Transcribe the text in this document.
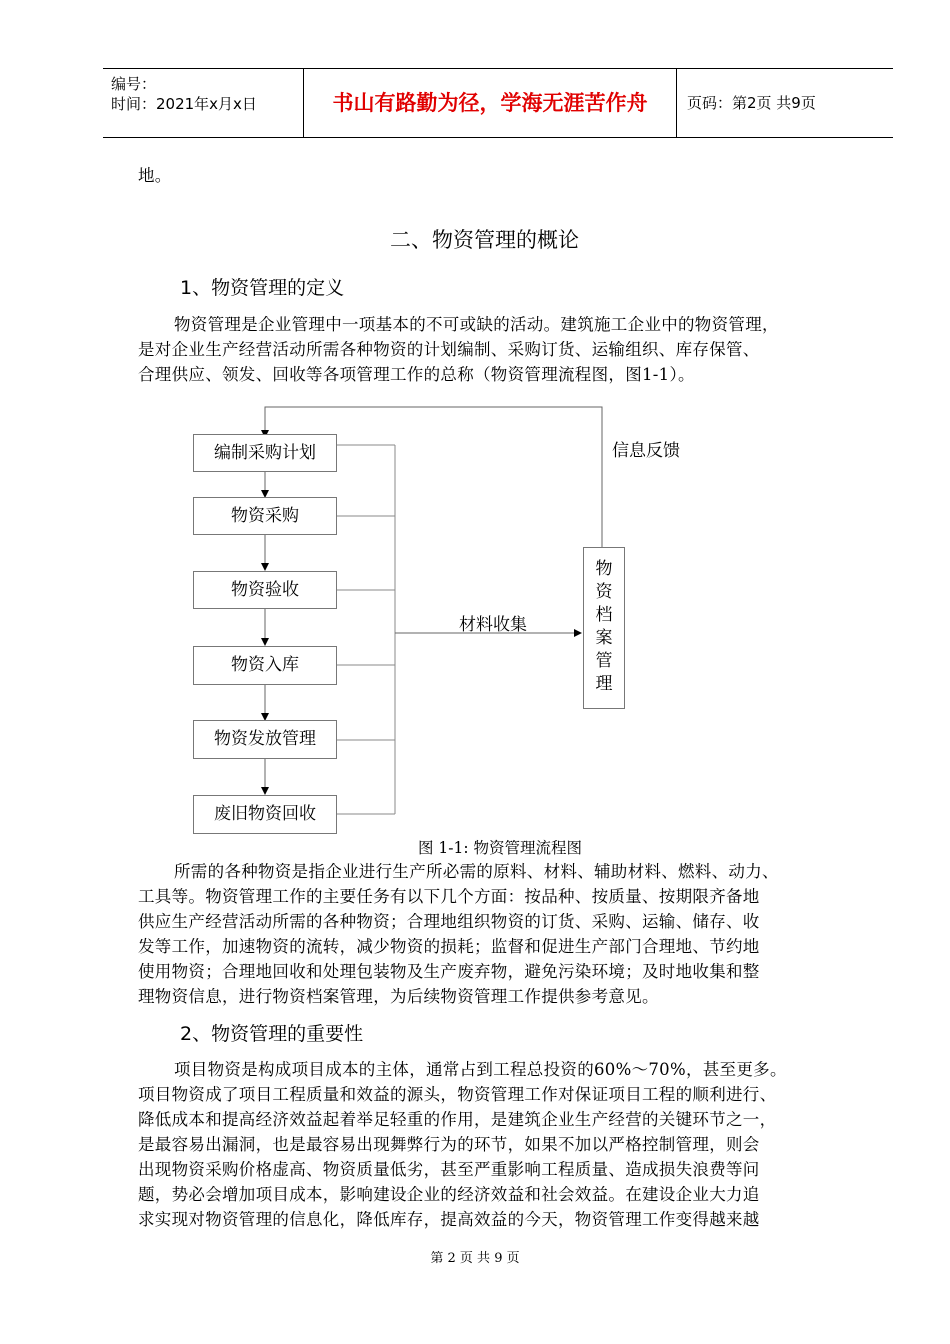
编号：
时间：2021年x月x日	书山有路勤为径，学海无涯苦作舟	页码：第2页 共9页
地。
二、物资管理的概论
1、物资管理的定义
物资管理是企业管理中一项基本的不可或缺的活动。建筑施工企业中的物资管理，
是对企业生产经营活动所需各种物资的计划编制、采购订货、运输组织、库存保管、
合理供应、领发、回收等各项管理工作的总称（物资管理流程图，图1-1）。
编制采购计划
物资采购
物资验收
物资入库
物资发放管理
废旧物资回收
物
资
档
案
管
理
信息反馈
材料收集
图 1-1: 物资管理流程图
所需的各种物资是指企业进行生产所必需的原料、材料、辅助材料、燃料、动力、
工具等。物资管理工作的主要任务有以下几个方面：按品种、按质量、按期限齐备地
供应生产经营活动所需的各种物资；合理地组织物资的订货、采购、运输、储存、收
发等工作，加速物资的流转，减少物资的损耗；监督和促进生产部门合理地、节约地
使用物资；合理地回收和处理包装物及生产废弃物，避免污染环境；及时地收集和整
理物资信息，进行物资档案管理，为后续物资管理工作提供参考意见。
2、物资管理的重要性
项目物资是构成项目成本的主体，通常占到工程总投资的60%～70%，甚至更多。
项目物资成了项目工程质量和效益的源头，物资管理工作对保证项目工程的顺利进行、
降低成本和提高经济效益起着举足轻重的作用，是建筑企业生产经营的关键环节之一，
是最容易出漏洞，也是最容易出现舞弊行为的环节，如果不加以严格控制管理，则会
出现物资采购价格虚高、物资质量低劣，甚至严重影响工程质量、造成损失浪费等问
题，势必会增加项目成本，影响建设企业的经济效益和社会效益。在建设企业大力追
求实现对物资管理的信息化，降低库存，提高效益的今天，物资管理工作变得越来越
第 2 页 共 9 页
